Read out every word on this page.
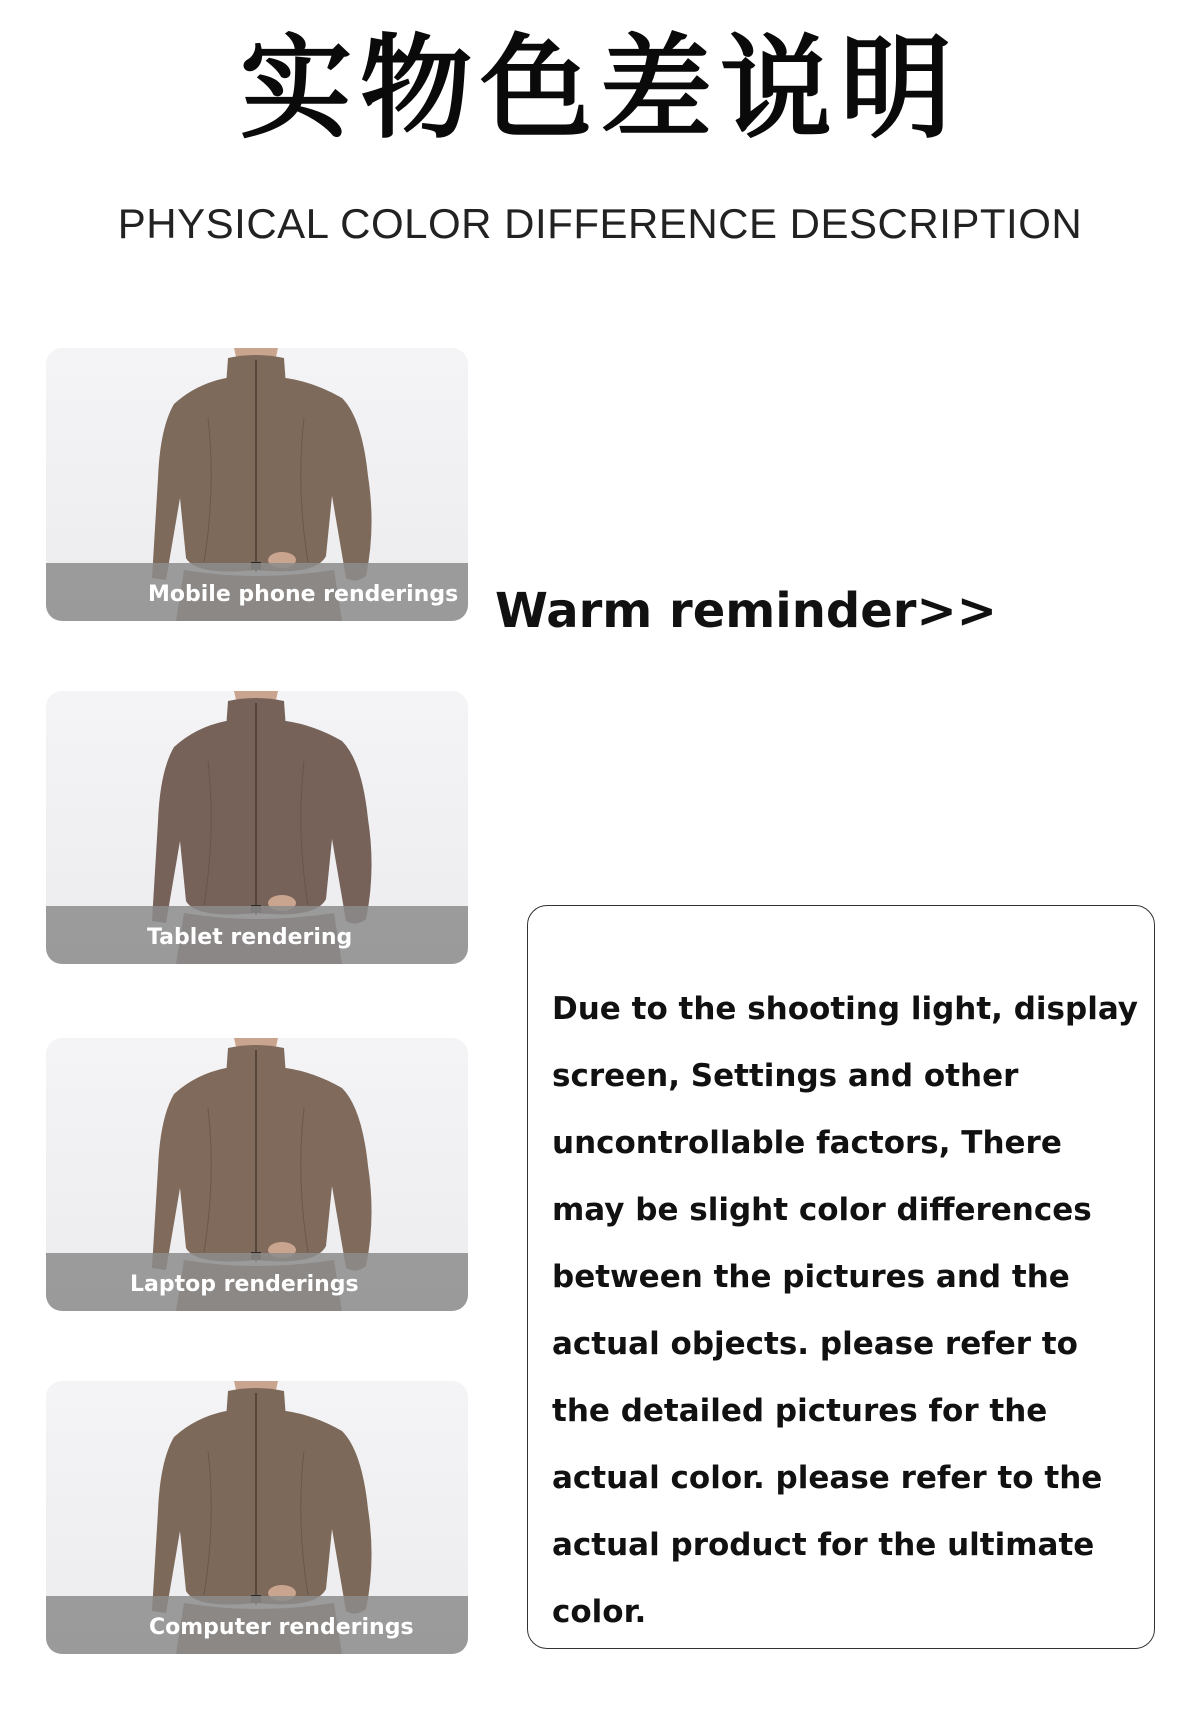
实物色差说明
PHYSICAL COLOR DIFFERENCE DESCRIPTION
Mobile phone renderings
Tablet rendering
Laptop renderings
Computer renderings
Warm reminder>>
Due to the shooting light, display screen, Settings and other uncontrollable factors, There may be slight color differences between the pictures and the actual objects. please refer to the detailed pictures for the actual color. please refer to the actual product for the ultimate color.
